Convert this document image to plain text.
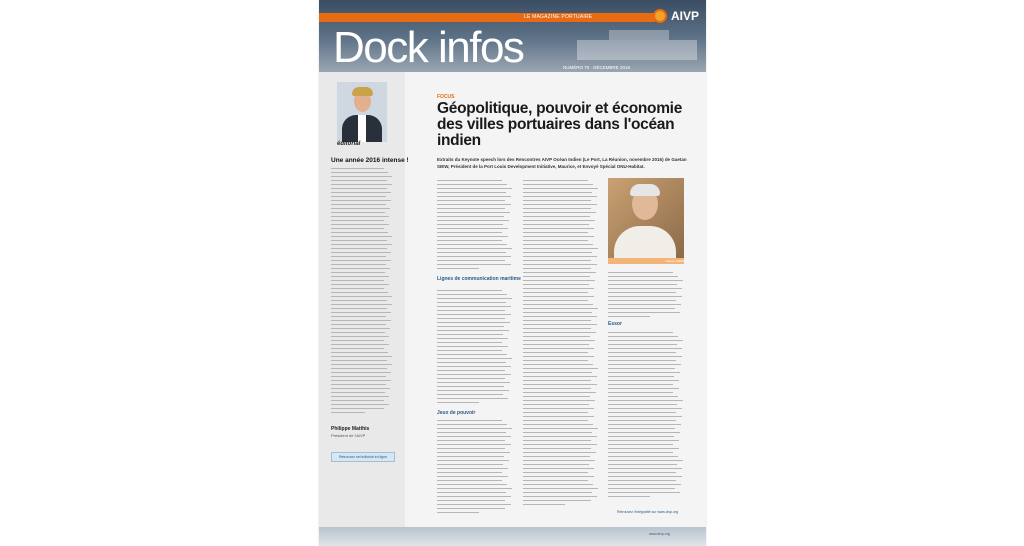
LE MAGAZINE PORTUAIRE	AIVP
Dock infos	NUMÉRO 70 · DÉCEMBRE 2016
éditorial
Une année 2016 intense !
Philippe Matthis
Président de l'AIVP
Retrouvez cet éditorial en ligne
FOCUS
Géopolitique, pouvoir et économie des villes portuaires dans l'océan indien
Extraits du Keynote speech lors des Rencontres AIVP Océan Indien (Le Port, La Réunion, novembre 2016) de Gaetan SIEW, Président de la Port Louis Development Initiative, Maurice, et Envoyé Spécial ONU-Habitat.
Lignes de communication maritime
Jeux de pouvoir
Gaetan SIEW
Essor
Retrouvez l'intégralité sur www.aivp.org
www.aivp.org
